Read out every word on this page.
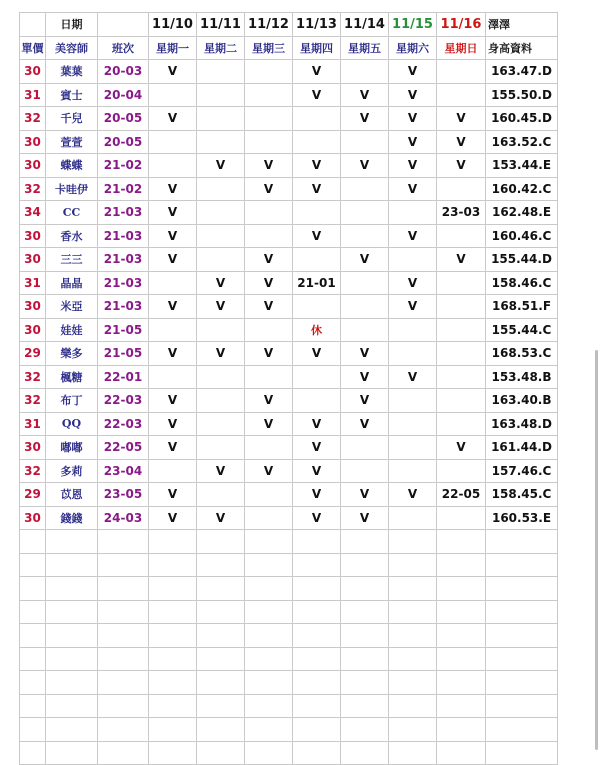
	日期		11/10	11/11	11/12	11/13	11/14	11/15	11/16	澤澤
單價	美容師	班次	星期一	星期二	星期三	星期四	星期五	星期六	星期日	身高資料
30	葉葉	20-03	V			V		V		163.47.D
31	賓士	20-04				V	V	V		155.50.D
32	千兒	20-05	V				V	V	V	160.45.D
30	萱萱	20-05						V	V	163.52.C
30	蝶蝶	21-02		V	V	V	V	V	V	153.44.E
32	卡哇伊	21-02	V		V	V		V		160.42.C
34	CC	21-03	V						23-03	162.48.E
30	香水	21-03	V			V		V		160.46.C
30	三三	21-03	V		V		V		V	155.44.D
31	晶晶	21-03		V	V	21-01		V		158.46.C
30	米亞	21-03	V	V	V			V		168.51.F
30	娃娃	21-05				休				155.44.C
29	樂多	21-05	V	V	V	V	V			168.53.C
32	楓糖	22-01					V	V		153.48.B
32	布丁	22-03	V		V		V			163.40.B
31	QQ	22-03	V		V	V	V			163.48.D
30	嘟嘟	22-05	V			V			V	161.44.D
32	多莉	23-04		V	V	V				157.46.C
29	苡恩	23-05	V			V	V	V	22-05	158.45.C
30	錢錢	24-03	V	V		V	V			160.53.E
